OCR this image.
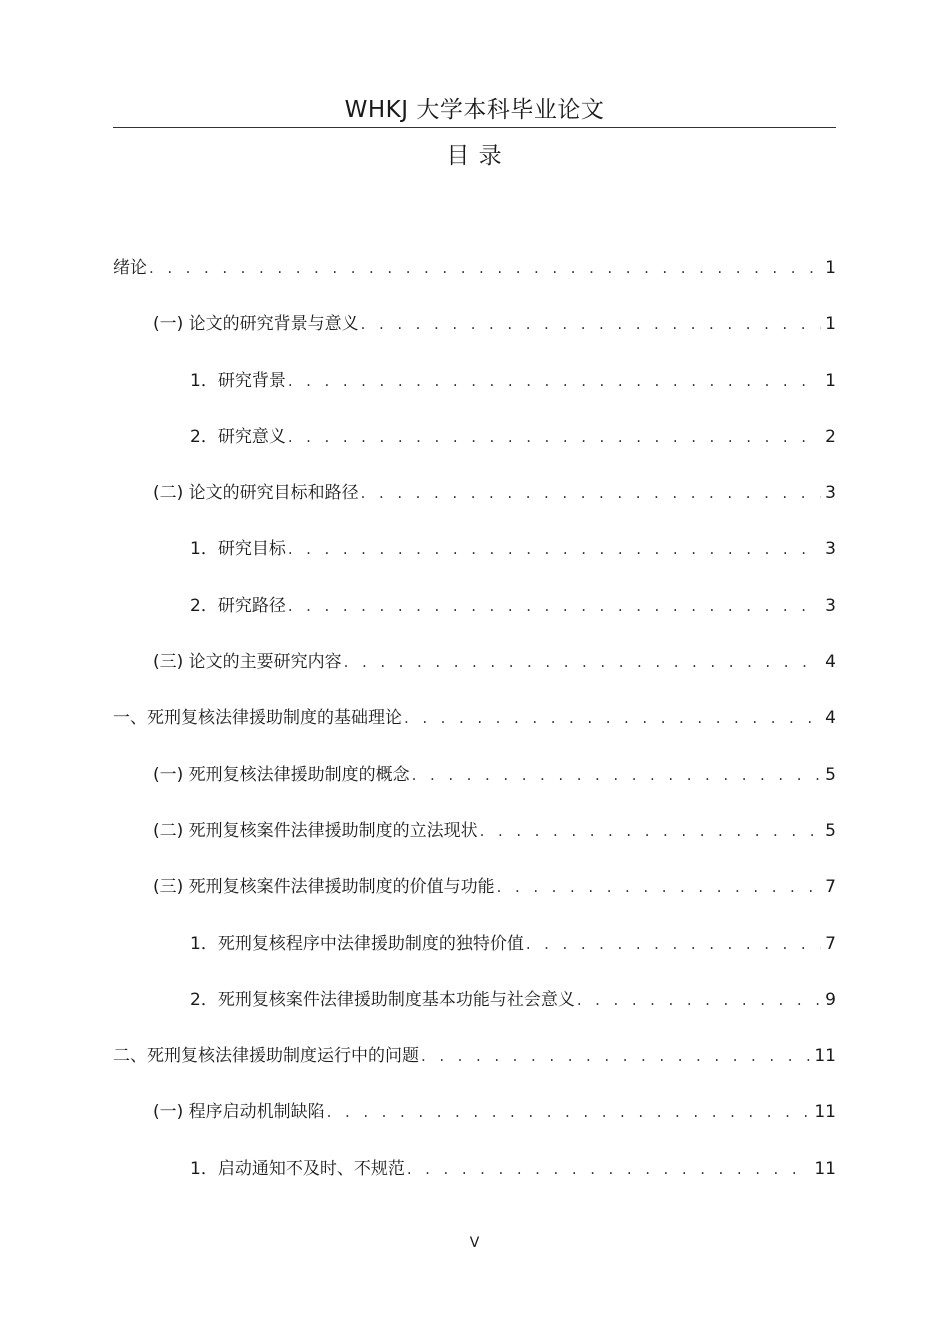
WHKJ 大学本科毕业论文
目 录
绪论 . . .	1
(一) 论文的研究背景与意义 . . .	1
1．研究背景 . . .	1
2．研究意义 . . .	2
(二) 论文的研究目标和路径 . . .	3
1．研究目标 . . .	3
2．研究路径 . . .	3
(三) 论文的主要研究内容 . . .	4
一、死刑复核法律援助制度的基础理论 . . .	4
(一) 死刑复核法律援助制度的概念 . . .	5
(二) 死刑复核案件法律援助制度的立法现状 . . .	5
(三) 死刑复核案件法律援助制度的价值与功能 . . .	7
1．死刑复核程序中法律援助制度的独特价值 . . .	7
2．死刑复核案件法律援助制度基本功能与社会意义 . . .	9
二、死刑复核法律援助制度运行中的问题 . . .	11
(一) 程序启动机制缺陷 . . .	11
1．启动通知不及时、不规范 . . .	11
V
